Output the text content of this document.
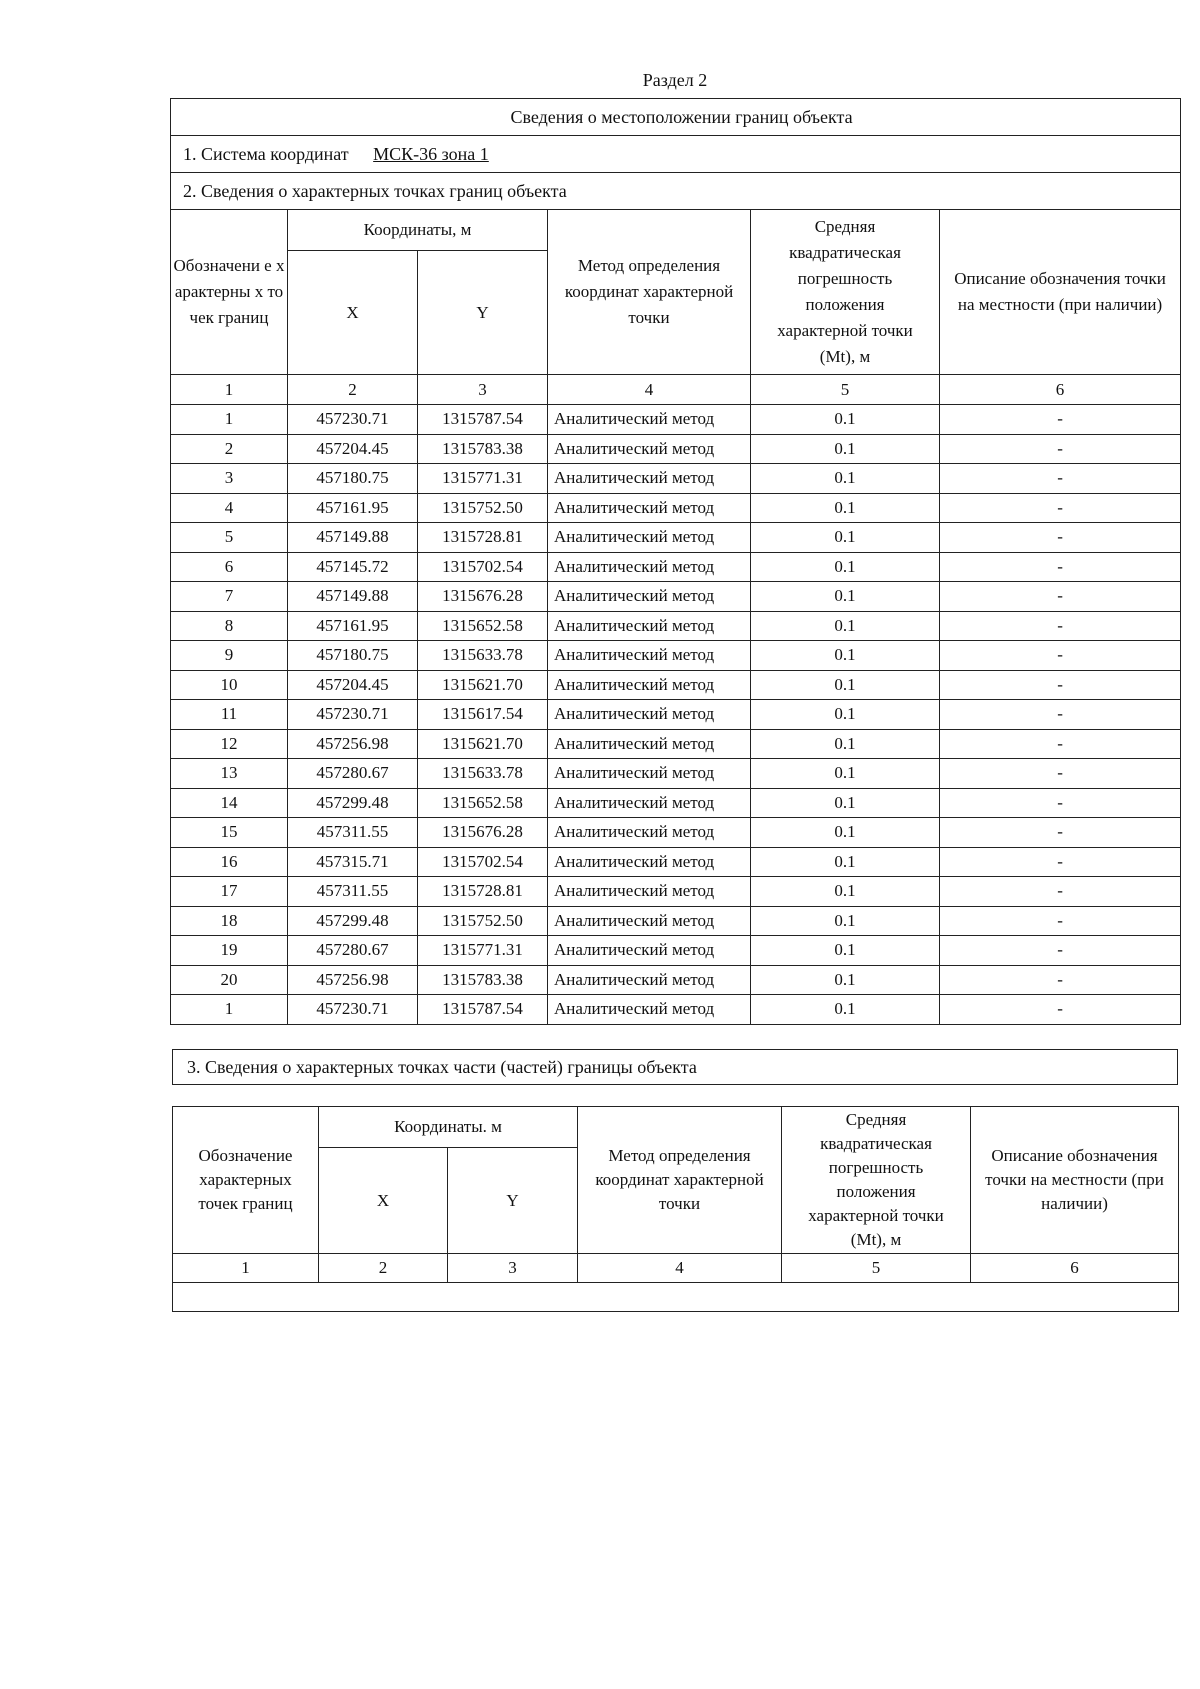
Раздел 2
Сведения о местоположении границ объекта					
1. Система координат МСК-36 зона 1					
2. Сведения о характерных точках границ объекта					
Обозначени е характерны х точек границ	Координаты, м		Метод определения координат характерной точки	Средняя квадратическая погрешность положения характерной точки (Mt), м	Описание обозначения точки на местности (при наличии)
	X	Y			
1	2	3	4	5	6
1	457230.71	1315787.54	Аналитический метод	0.1	-
2	457204.45	1315783.38	Аналитический метод	0.1	-
3	457180.75	1315771.31	Аналитический метод	0.1	-
4	457161.95	1315752.50	Аналитический метод	0.1	-
5	457149.88	1315728.81	Аналитический метод	0.1	-
6	457145.72	1315702.54	Аналитический метод	0.1	-
7	457149.88	1315676.28	Аналитический метод	0.1	-
8	457161.95	1315652.58	Аналитический метод	0.1	-
9	457180.75	1315633.78	Аналитический метод	0.1	-
10	457204.45	1315621.70	Аналитический метод	0.1	-
11	457230.71	1315617.54	Аналитический метод	0.1	-
12	457256.98	1315621.70	Аналитический метод	0.1	-
13	457280.67	1315633.78	Аналитический метод	0.1	-
14	457299.48	1315652.58	Аналитический метод	0.1	-
15	457311.55	1315676.28	Аналитический метод	0.1	-
16	457315.71	1315702.54	Аналитический метод	0.1	-
17	457311.55	1315728.81	Аналитический метод	0.1	-
18	457299.48	1315752.50	Аналитический метод	0.1	-
19	457280.67	1315771.31	Аналитический метод	0.1	-
20	457256.98	1315783.38	Аналитический метод	0.1	-
1	457230.71	1315787.54	Аналитический метод	0.1	-
3. Сведения о характерных точках части (частей) границы объекта
Обозначение характерных точек границ	Координаты. м		Метод определения координат характерной точки	Средняя квадратическая погрешность положения характерной точки (Mt), м	Описание обозначения точки на местности (при наличии)
	X	Y			
1	2	3	4	5	6
